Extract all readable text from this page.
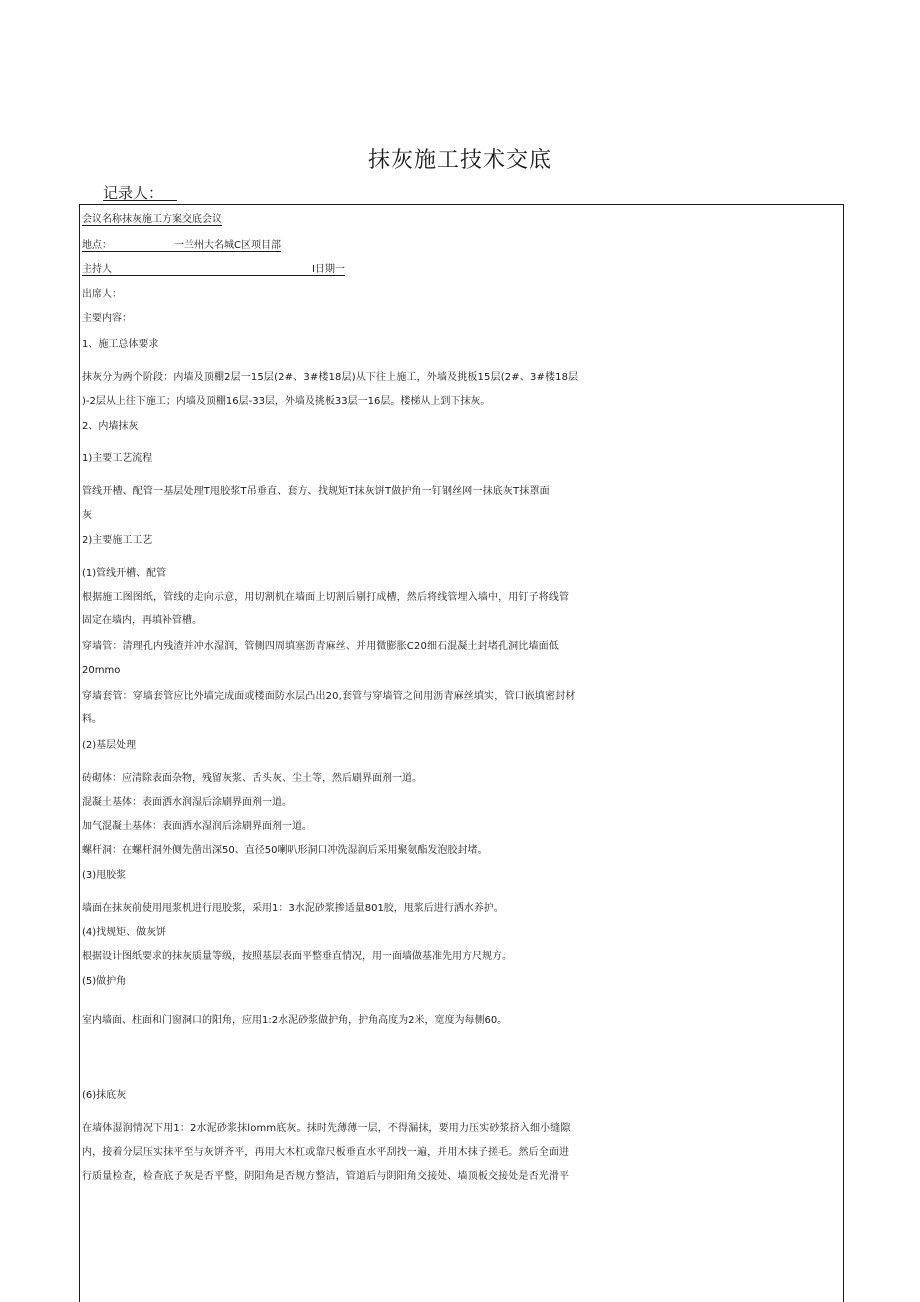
抹灰施工技术交底
记录人：
会议名称抹灰施工方案交底会议
地点：	一兰州大名城C区项目部
主持人	I日期一
出席人：
主要内容：
1、施工总体要求
抹灰分为两个阶段：内墙及顶棚2层一15层(2#、3#楼18层)从下往上施工，外墙及挑板15层(2#、3#楼18层
)-2层从上往下施工；内墙及顶棚16层-33层，外墙及挑板33层一16层。楼梯从上到下抹灰。
2、内墙抹灰
1)主要工艺流程
管线开槽、配管一基层处理T甩胶浆T吊垂直、套方、找规矩T抹灰饼T做护角一钉钢丝网一抹底灰T抹罩面
灰
2)主要施工工艺
(1)管线开槽、配管
根据施工图图纸，管线的走向示意，用切割机在墙面上切割后剔打成槽，然后将线管埋入墙中，用钉子将线管
固定在墙内，再填补管槽。
穿墙管：清理孔内残渣并冲水湿润，管侧四周填塞沥青麻丝、并用微膨胀C20细石混凝土封堵孔洞比墙面低
20mmo
穿墙套管：穿墙套管应比外墙完成面或楼面防水层凸出20,套管与穿墙管之间用沥青麻丝填实，管口嵌填密封材
料。
(2)基层处理
砖砌体：应清除表面杂物，残留灰浆、舌头灰、尘土等，然后刷界面剂一道。
混凝土基体：表面洒水润湿后涂刷界面剂一道。
加气混凝土基体：表面洒水湿润后涂刷界面剂一道。
螺杆洞：在螺杆洞外侧先凿出深50、直径50喇叭形洞口冲洗湿润后采用聚氨酯发泡胶封堵。
(3)甩胶浆
墙面在抹灰前使用甩浆机进行甩胶浆，采用1：3水泥砂浆掺适量801胶，甩浆后进行洒水养护。
(4)找规矩、做灰饼
根据设计图纸要求的抹灰质量等级，按照基层表面平整垂直情况，用一面墙做基准先用方尺规方。
(5)做护角
室内墙面、柱面和门窗洞口的阳角，应用1:2水泥砂浆做护角，护角高度为2米，宽度为每侧60。
(6)抹底灰
在墙体湿润情况下用1：2水泥砂浆抹lomm底灰。抹时先薄薄一层，不得漏抹，要用力压实砂浆挤入细小缝隙
内，接着分层压实抹平至与灰饼齐平，再用大木杠或靠尺板垂直水平刮找一遍，并用木抹子搓毛。然后全面进
行质量检查，检查底子灰是否平整，阴阳角是否规方整洁，管道后与阴阳角交接处、墙顶板交接处是否光滑平
